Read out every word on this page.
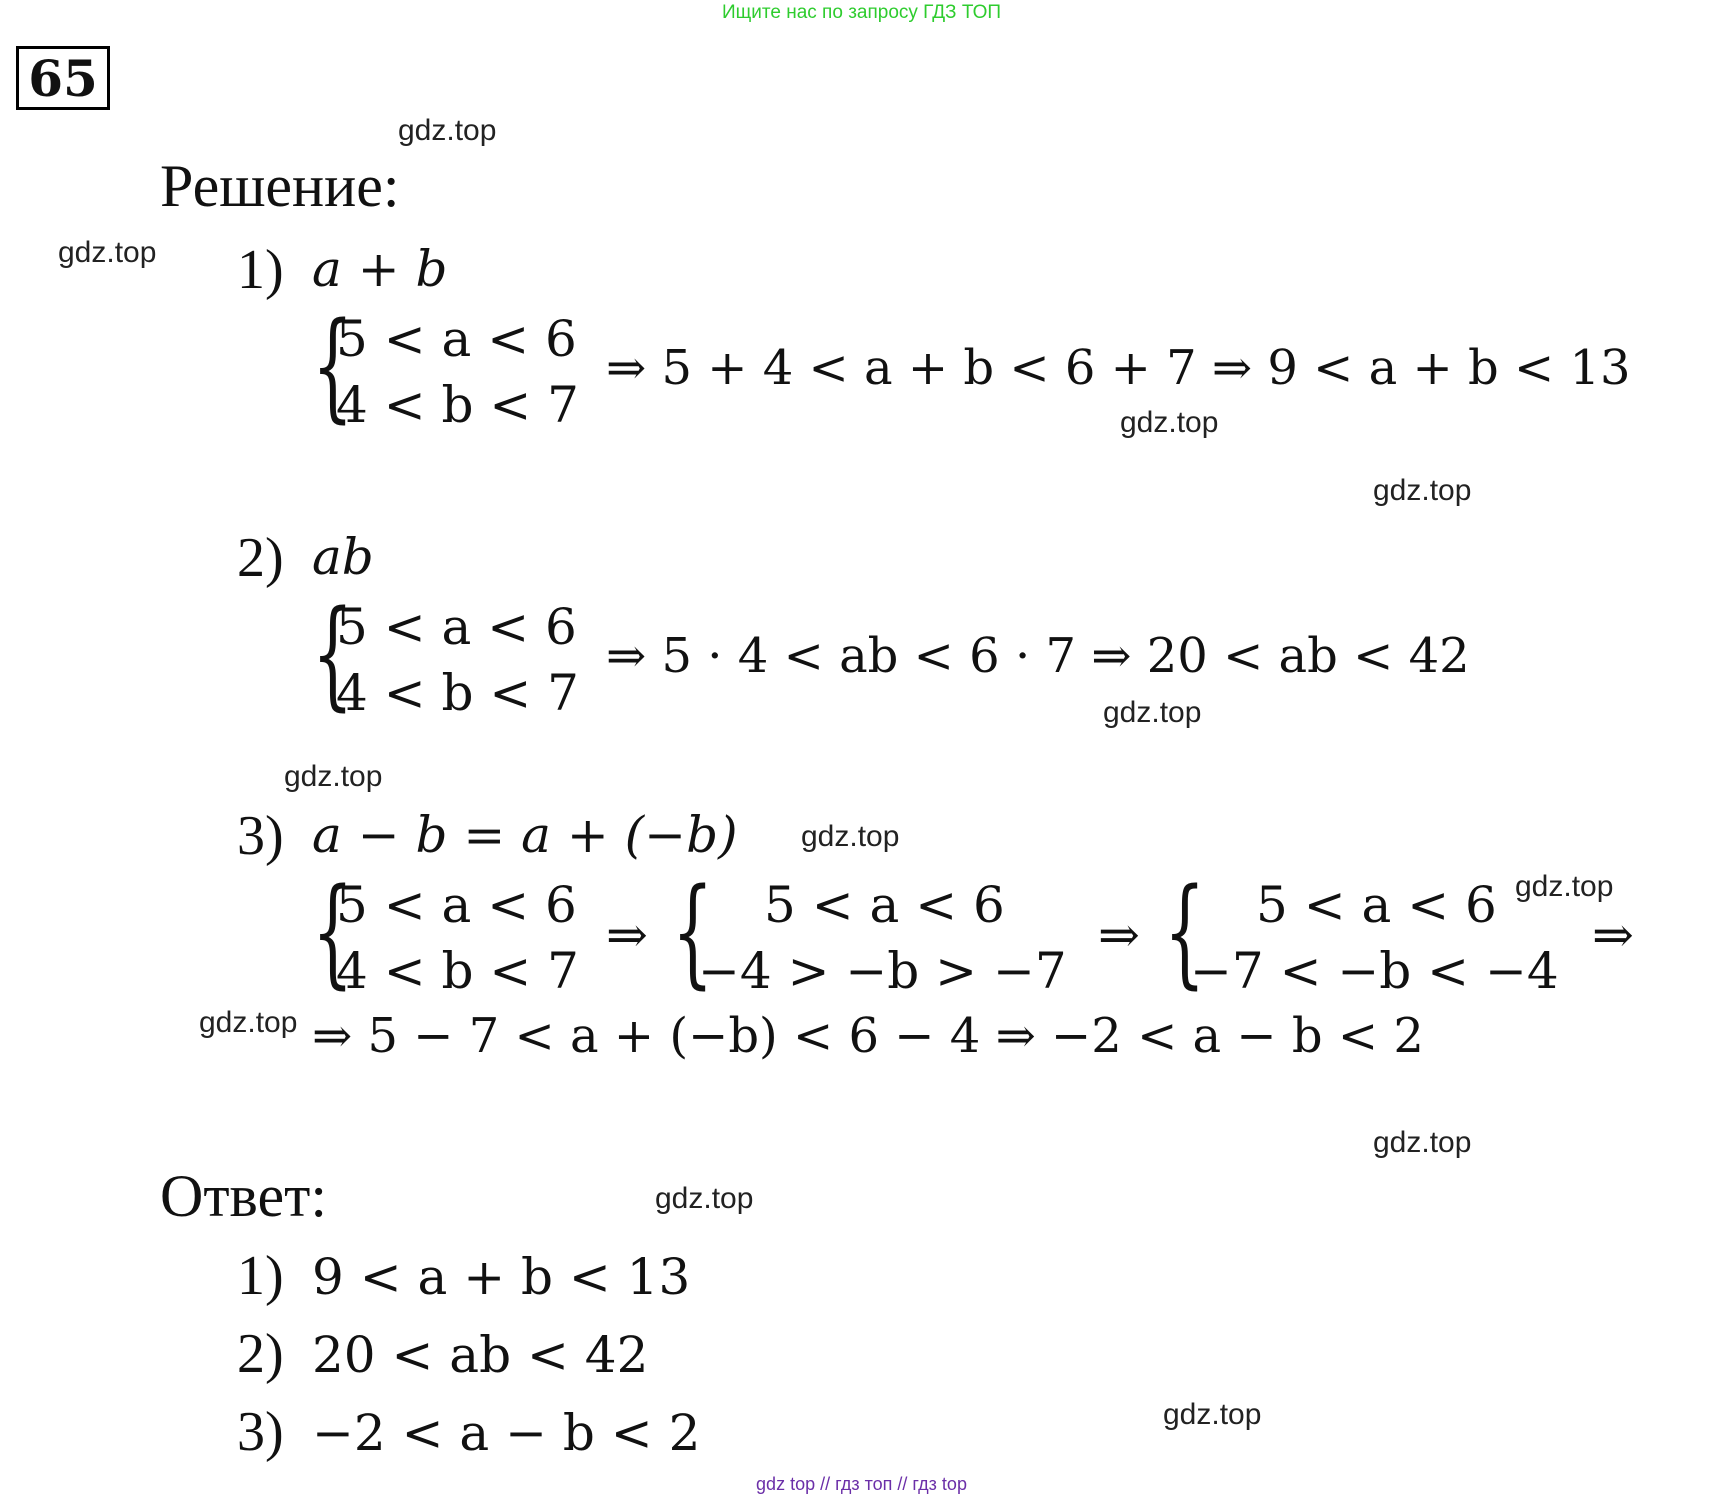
Ищите нас по запросу ГДЗ ТОП
65
gdz.top
gdz.top
gdz.top
gdz.top
gdz.top
gdz.top
gdz.top
gdz.top
gdz.top
gdz.top
gdz.top
gdz.top
Решение:
1) a + b
{
5 < a < 6
4 < b < 7
⇒ 5 + 4 < a + b < 6 + 7 ⇒ 9 < a + b < 13
2) ab
{
5 < a < 6
4 < b < 7
⇒ 5 · 4 < ab < 6 · 7 ⇒ 20 < ab < 42
3) a − b = a + (−b)
{
5 < a < 6
4 < b < 7
⇒ { 5 < a < 6
−4 > −b > −7
⇒ { 5 < a < 6
−7 < −b < −4
⇒
⇒ 5 − 7 < a + (−b) < 6 − 4 ⇒ −2 < a − b < 2
Ответ:
1) 9 < a + b < 13
2) 20 < ab < 42
3) −2 < a − b < 2
gdz top // гдз топ // гдз top
